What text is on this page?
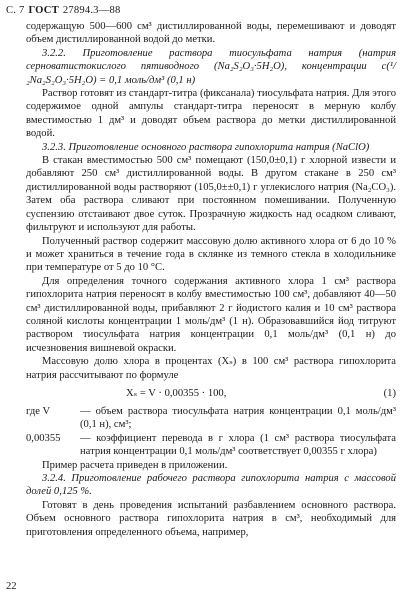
С. 7 ГОСТ 27894.3—88

содержащую 500—600 см³ дистиллированной воды, перемешивают и доводят объем дистиллированной водой до метки.

3.2.2. Приготовление раствора тиосульфата натрия (натрия серноватистокислого пятиводного (Na₂S₂O₃·5H₂O), концентрации c(¹/₂Na₂S₂O₃·5H₂O) = 0,1 моль/дм³ (0,1 н)

Раствор готовят из стандарт-титра (фиксанала) тиосульфата натрия. Для этого содержимое одной ампулы стандарт-титра переносят в мерную колбу вместимостью 1 дм³ и доводят объем раствора до метки дистиллированной водой.

3.2.3. Приготовление основного раствора гипохлорита натрия (NaClO)

В стакан вместимостью 500 см³ помещают (150,0±0,1) г хлорной извести и добавляют 250 см³ дистиллированной воды. В другом стакане в 250 см³ дистиллированной воды растворяют (105,0±±0,1) г углекислого натрия (Na₂CO₃). Затем оба раствора сливают при постоянном помешивании. Полученную суспензию отстаивают двое суток. Прозрачную жидкость над осадком сливают, фильтруют и используют для работы.

Полученный раствор содержит массовую долю активного хлора от 6 до 10 % и может храниться в течение года в склянке из темного стекла в холодильнике при температуре от 5 до 10 °С.

Для определения точного содержания активного хлора 1 см³ раствора гипохлорита натрия переносят в колбу вместимостью 100 см³, добавляют 40—50 см³ дистиллированной воды, прибавляют 2 г йодистого калия и 10 см³ раствора соляной кислоты концентрации 1 моль/дм³ (1 н). Образовавшийся йод титруют раствором тиосульфата натрия концентрации 0,1 моль/дм³ (0,1 н) до исчезновения вишневой окраски.

Массовую долю хлора в процентах (Xₛ) в 100 см³ раствора гипохлорита натрия рассчитывают по формуле

Xₛ = V · 0,00355 · 100,	(1)
где V	— объем раствора тиосульфата натрия концентрации 0,1 моль/дм³ (0,1 н), см³;
0,00355	— коэффициент перевода в г хлора (1 см³ раствора тиосульфата натрия концентрации 0,1 моль/дм³ соответствует 0,00355 г хлора)

Пример расчета приведен в приложении.

3.2.4. Приготовление рабочего раствора гипохлорита натрия с массовой долей 0,125 %.

Готовят в день проведения испытаний разбавлением основного раствора. Объем основного раствора гипохлорита натрия в см³, необходимый для приготовления определенного объема, например,

22
